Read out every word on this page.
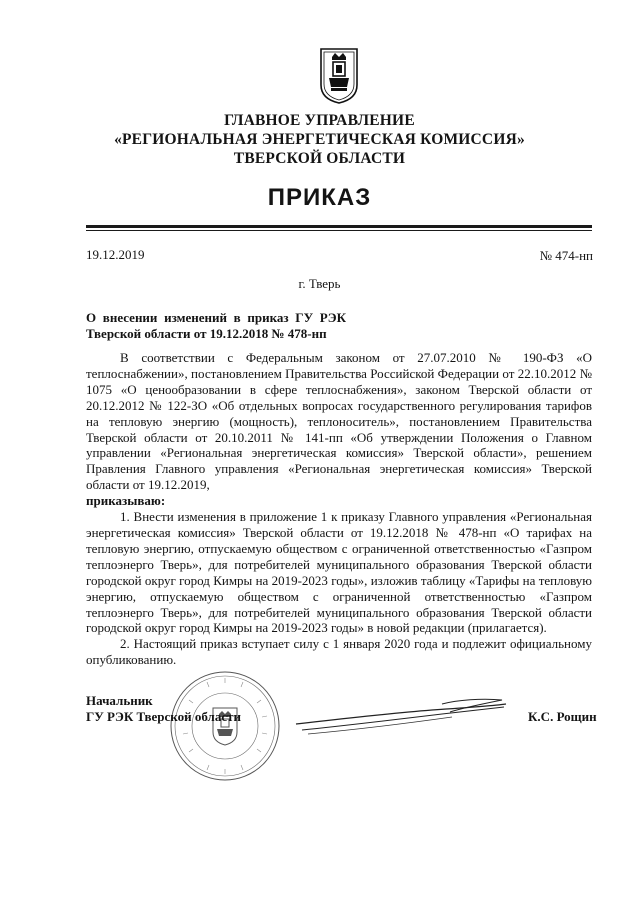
ГЛАВНОЕ УПРАВЛЕНИЕ
«РЕГИОНАЛЬНАЯ ЭНЕРГЕТИЧЕСКАЯ КОМИССИЯ»
ТВЕРСКОЙ ОБЛАСТИ
ПРИКАЗ
19.12.2019	№ 474-нп
г. Тверь
О внесении изменений в приказ ГУ РЭК Тверской области от 19.12.2018 № 478-нп

В соответствии с Федеральным законом от 27.07.2010 № 190-ФЗ «О теплоснабжении», постановлением Правительства Российской Федерации от 22.10.2012 № 1075 «О ценообразовании в сфере теплоснабжения», законом Тверской области от 20.12.2012 № 122-ЗО «Об отдельных вопросах государственного регулирования тарифов на тепловую энергию (мощность), теплоноситель», постановлением Правительства Тверской области от 20.10.2011 № 141-пп «Об утверждении Положения о Главном управлении «Региональная энергетическая комиссия» Тверской области», решением Правления Главного управления «Региональная энергетическая комиссия» Тверской области от 19.12.2019,

приказываю:

1. Внести изменения в приложение 1 к приказу Главного управления «Региональная энергетическая комиссия» Тверской области от 19.12.2018 № 478-нп «О тарифах на тепловую энергию, отпускаемую обществом с ограниченной ответственностью «Газпром теплоэнерго Тверь», для потребителей муниципального образования Тверской области городской округ город Кимры на 2019-2023 годы», изложив таблицу «Тарифы на тепловую энергию, отпускаемую обществом с ограниченной ответственностью «Газпром теплоэнерго Тверь», для потребителей муниципального образования Тверской области городской округ город Кимры на 2019-2023 годы» в новой редакции (прилагается).

2. Настоящий приказ вступает силу с 1 января 2020 года и подлежит официальному опубликованию.

Начальник
ГУ РЭК Тверской области	К.С. Рощин
